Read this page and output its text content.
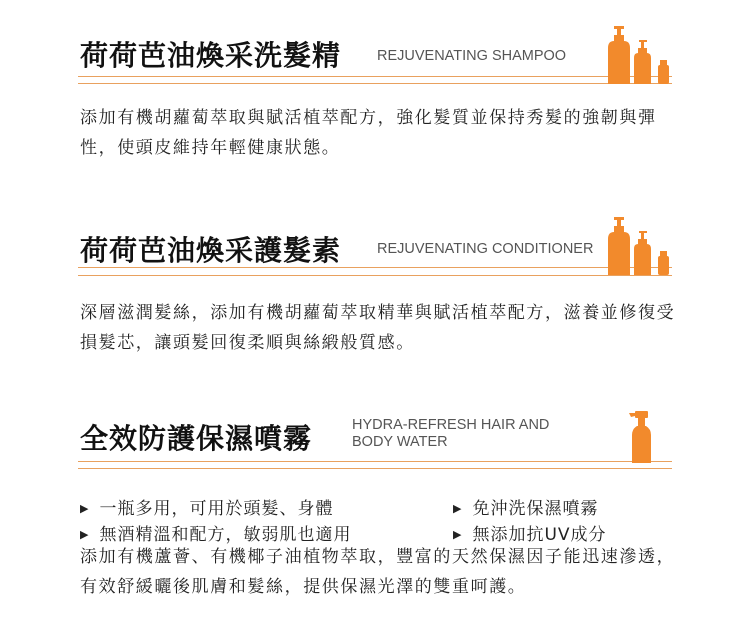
荷荷芭油煥采洗髮精 REJUVENATING SHAMPOO
添加有機胡蘿蔔萃取與賦活植萃配方，強化髮質並保持秀髮的強韌與彈性，使頭皮維持年輕健康狀態。
荷荷芭油煥采護髮素 REJUVENATING CONDITIONER
深層滋潤髮絲，添加有機胡蘿蔔萃取精華與賦活植萃配方，滋養並修復受損髮芯，讓頭髮回復柔順與絲緞般質感。
全效防護保濕噴霧	HYDRA-REFRESH HAIR AND
BODY WATER
▶ 一瓶多用，可用於頭髮、身體	▶ 免沖洗保濕噴霧
▶ 無酒精溫和配方，敏弱肌也適用	▶ 無添加抗UV成分
添加有機蘆薈、有機椰子油植物萃取，豐富的天然保濕因子能迅速滲透，有效舒緩曬後肌膚和髮絲，提供保濕光澤的雙重呵護。
